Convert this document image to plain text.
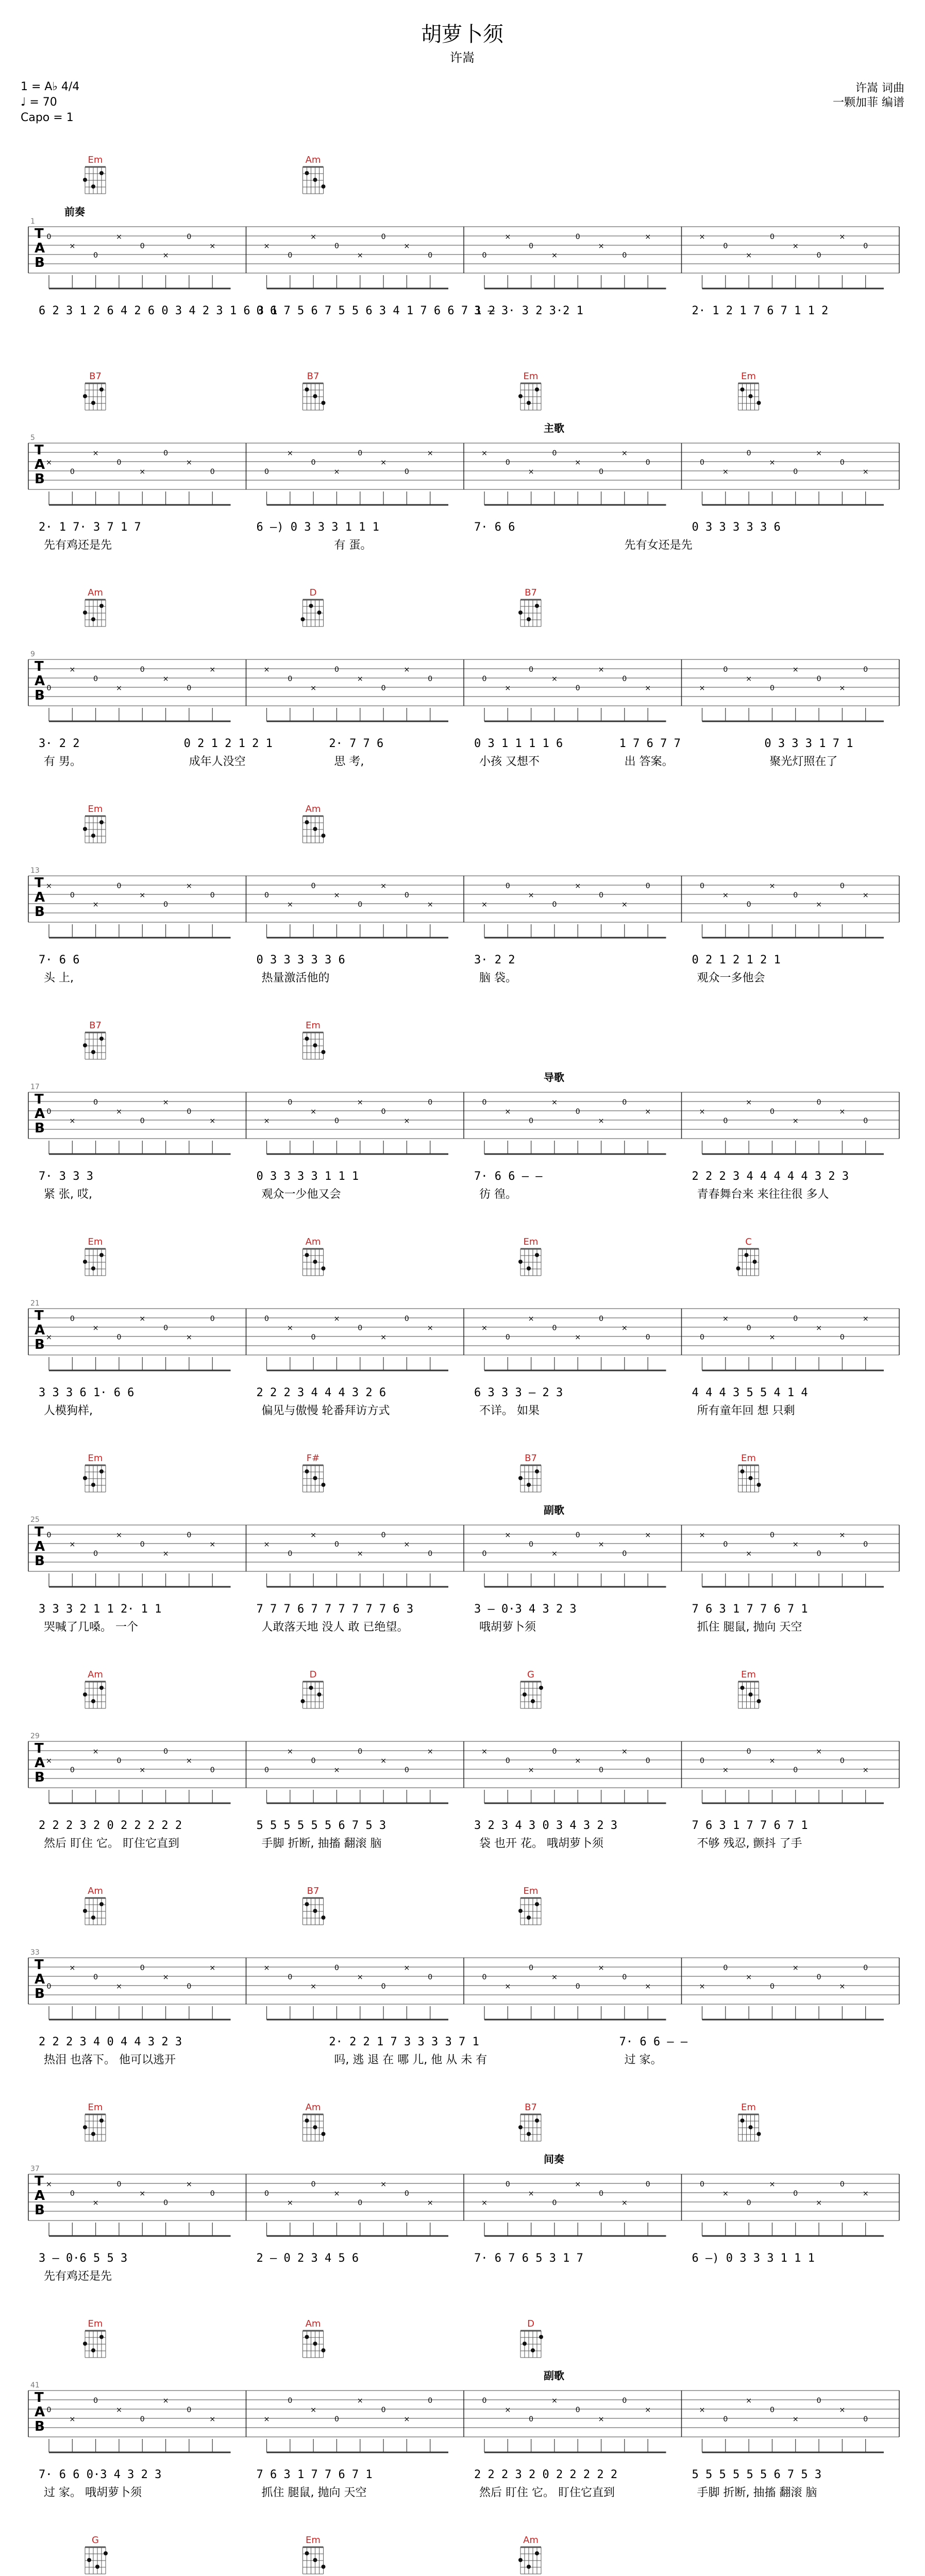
胡萝卜须
许嵩
1 = A♭ 4/4
♩ = 70
Capo = 1
许嵩 词曲
一颗加菲 编谱
前奏
Em	Am
T
A
B
1
0
×
0
×
0
×
0
×	×
0
×
0
×
0
×
0	0
×
0
×
0
×
0
×	×
0
×
0
×
0
×
0
6 2 3 1 2 6 4 2 6 0 3 4 2 3 1 6 3 1
0 6 7 5 6 7 5 5 6 3 4 1 7 6 6 7 1 2
3 — 3· 3 2 3·2 1	2· 1 2 1 7 6 7 1 1 2
主歌
B7	B7	Em	Em
T
A
B
5
×
0
×
0
×
0
×
0	0
×
0
×
0
×
0
×	×
0
×
0
×
0
×
0	0
×
0
×
0
×
0
×
2· 1 7· 3 7 1 7	6 —) 0 3 3 3 1 1 1	7· 6 6	0 3 3 3 3 3 6
先有鸡还是先	有 蛋。	先有女还是先
Am	D	B7
T
A
B
9
0
×
0
×
0
×
0
×	×
0
×
0
×
0
×
0	0
×
0
×
0
×
0
×	×
0
×
0
×
0
×
0
3· 2 2	0 2 1 2 1 2 1	2· 7 7 6	0 3 1 1 1 1 6	1 7 6 7 7	0 3 3 3 1 7 1
有 男。	成年人没空	思 考,	小孩 又想不	出 答案。	聚光灯照在了
Em	Am
T
A
B
13
×
0
×
0
×
0
×
0	0
×
0
×
0
×
0
×	×
0
×
0
×
0
×
0	0
×
0
×
0
×
0
×
7· 6 6	0 3 3 3 3 3 6	3· 2 2	0 2 1 2 1 2 1
头 上,	热量激活他的	脑 袋。	观众一多他会
导歌
B7	Em
T
A
B
17
0
×
0
×
0
×
0
×	×
0
×
0
×
0
×
0	0
×
0
×
0
×
0
×	×
0
×
0
×
0
×
0
7· 3 3 3	0 3 3 3 3 1 1 1	7· 6 6 — —	2 2 2 3 4 4 4 4 4 3 2 3
紧 张, 哎,	观众一少他又会	彷 徨。	青春舞台来 来往往很 多人
Em	Am	Em	C
T
A
B
21
×
0
×
0
×
0
×
0	0
×
0
×
0
×
0
×	×
0
×
0
×
0
×
0	0
×
0
×
0
×
0
×
3 3 3 6 1· 6 6	2 2 2 3 4 4 4 3 2 6	6 3 3 3 — 2 3	4 4 4 3 5 5 4 1 4
人模狗样,	偏见与傲慢 轮番拜访方式	不详。 如果	所有童年回 想 只剩
副歌
Em	F#	B7	Em
T
A
B
25
0
×
0
×
0
×
0
×	×
0
×
0
×
0
×
0	0
×
0
×
0
×
0
×	×
0
×
0
×
0
×
0
3 3 3 2 1 1 2· 1 1	7 7 7 6 7 7 7 7 7 7 6 3	3 — 0·3 4 3 2 3	7 6 3 1 7 7 6 7 1
哭喊了几嗓。 一个	人敢落天地 没人 敢 已绝望。	哦胡萝卜须	抓住 腿鼠, 抛向 天空
Am	D	G	Em
T
A
B
29
×
0
×
0
×
0
×
0	0
×
0
×
0
×
0
×	×
0
×
0
×
0
×
0	0
×
0
×
0
×
0
×
2 2 2 3 2 0 2 2 2 2 2	5 5 5 5 5 5 6 7 5 3	3 2 3 4 3 0 3 4 3 2 3	7 6 3 1 7 7 6 7 1
然后 盯住 它。 盯住它直到	手脚 折断, 抽搐 翻滚 脑	袋 也开 花。 哦胡萝卜须	不够 残忍, 颤抖 了手
Am	B7	Em
T
A
B
33
0
×
0
×
0
×
0
×	×
0
×
0
×
0
×
0	0
×
0
×
0
×
0
×	×
0
×
0
×
0
×
0
2 2 2 3 4 0 4 4 3 2 3	2· 2 2 1 7 3 3 3 3 7 1	7· 6 6 — —
热泪 也落下。 他可以逃开	吗, 逃 退 在 哪 儿, 他 从 未 有	过 家。
间奏
Em	Am	B7	Em
T
A
B
37
×
0
×
0
×
0
×
0	0
×
0
×
0
×
0
×	×
0
×
0
×
0
×
0	0
×
0
×
0
×
0
×
3 — 0·6 5 5 3	2 — 0 2 3 4 5 6	7· 6 7 6 5 3 1 7	6 —) 0 3 3 3 1 1 1
先有鸡还是先
副歌
Em	Am	D
T
A
B
41
0
×
0
×
0
×
0
×	×
0
×
0
×
0
×
0	0
×
0
×
0
×
0
×	×
0
×
0
×
0
×
0
7· 6 6 0·3 4 3 2 3	7 6 3 1 7 7 6 7 1	2 2 2 3 2 0 2 2 2 2 2	5 5 5 5 5 5 6 7 5 3
过 家。 哦胡萝卜须	抓住 腿鼠, 抛向 天空	然后 盯住 它。 盯住它直到	手脚 折断, 抽搐 翻滚 脑
G	Em	Am
